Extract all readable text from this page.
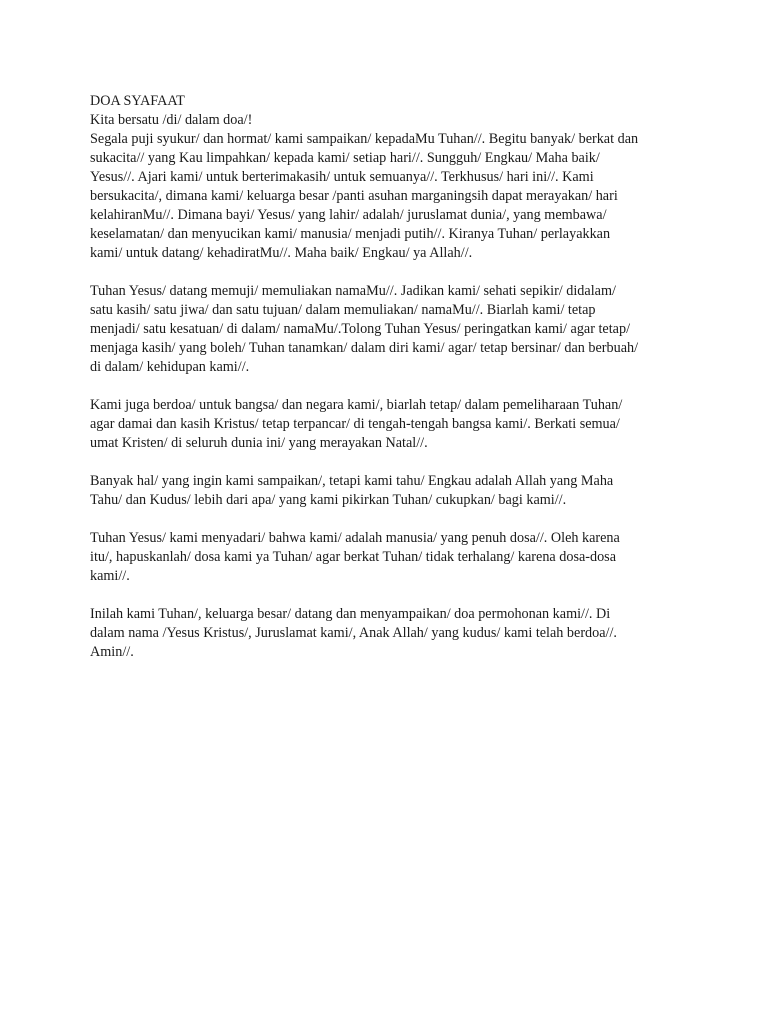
DOA SYAFAAT
Kita bersatu /di/ dalam doa/!
Segala puji syukur/ dan hormat/ kami sampaikan/ kepadaMu Tuhan//. Begitu banyak/ berkat dan
sukacita// yang Kau limpahkan/ kepada kami/ setiap hari//. Sungguh/ Engkau/ Maha baik/
Yesus//. Ajari kami/ untuk berterimakasih/ untuk semuanya//. Terkhusus/ hari ini//. Kami
bersukacita/, dimana kami/ keluarga besar /panti asuhan marganingsih dapat merayakan/ hari
kelahiranMu//. Dimana bayi/ Yesus/ yang lahir/ adalah/ juruslamat dunia/, yang membawa/
keselamatan/ dan menyucikan kami/ manusia/ menjadi putih//. Kiranya Tuhan/ perlayakkan
kami/ untuk datang/ kehadiratMu//. Maha baik/ Engkau/ ya Allah//.
Tuhan Yesus/ datang memuji/ memuliakan namaMu//. Jadikan kami/ sehati sepikir/ didalam/
satu kasih/ satu jiwa/ dan satu tujuan/ dalam memuliakan/ namaMu//. Biarlah kami/ tetap
menjadi/ satu kesatuan/ di dalam/ namaMu/.Tolong Tuhan Yesus/ peringatkan kami/ agar tetap/
menjaga kasih/ yang boleh/ Tuhan tanamkan/ dalam diri kami/ agar/ tetap bersinar/ dan berbuah/
di dalam/ kehidupan kami//.
Kami juga berdoa/ untuk bangsa/ dan negara kami/, biarlah tetap/ dalam pemeliharaan Tuhan/
agar damai dan kasih Kristus/ tetap terpancar/ di tengah-tengah bangsa kami/. Berkati semua/
umat Kristen/ di seluruh dunia ini/ yang merayakan Natal//.
Banyak hal/ yang ingin kami sampaikan/, tetapi kami tahu/ Engkau adalah Allah yang Maha
Tahu/ dan Kudus/ lebih dari apa/ yang kami pikirkan Tuhan/ cukupkan/ bagi kami//.
Tuhan Yesus/ kami menyadari/ bahwa kami/ adalah manusia/ yang penuh dosa//. Oleh karena
itu/, hapuskanlah/ dosa kami ya Tuhan/ agar berkat Tuhan/ tidak terhalang/ karena dosa-dosa
kami//.
Inilah kami Tuhan/, keluarga besar/ datang dan menyampaikan/ doa permohonan kami//. Di
dalam nama /Yesus Kristus/, Juruslamat kami/, Anak Allah/ yang kudus/ kami telah berdoa//.
Amin//.
